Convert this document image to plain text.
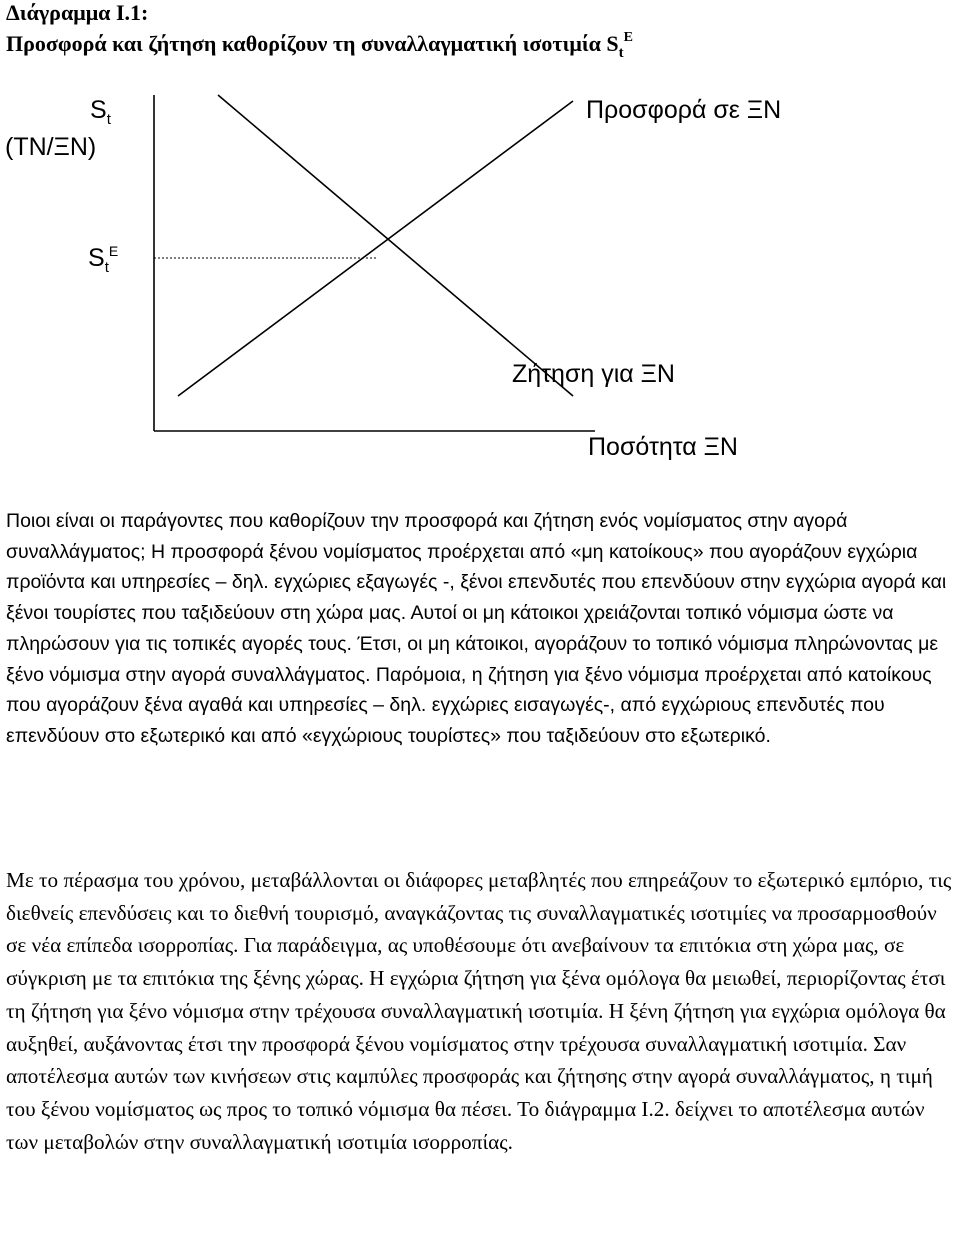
Διάγραμμα Ι.1:
Προσφορά και ζήτηση καθορίζουν τη συναλλαγματική ισοτιμία $S_t^E$
$S_t$
(ΤΝ/ΞΝ)
$S_t^E$
Προσφορά σε ΞΝ
Ζήτηση για ΞΝ
Ποσότητα ΞΝ

Ποιοι είναι οι παράγοντες που καθορίζουν την προσφορά και ζήτηση ενός νομίσματος στην αγορά συναλλάγματος; Η προσφορά ξένου νομίσματος προέρχεται από «μη κατοίκους» που αγοράζουν εγχώρια προϊόντα και υπηρεσίες – δηλ. εγχώριες εξαγωγές -, ξένοι επενδυτές που επενδύουν στην εγχώρια αγορά και ξένοι τουρίστες που ταξιδεύουν στη χώρα μας. Αυτοί οι μη κάτοικοι χρειάζονται τοπικό νόμισμα ώστε να πληρώσουν για τις τοπικές αγορές τους. Έτσι, οι μη κάτοικοι, αγοράζουν το τοπικό νόμισμα πληρώνοντας με ξένο νόμισμα στην αγορά συναλλάγματος. Παρόμοια, η ζήτηση για ξένο νόμισμα προέρχεται από κατοίκους που αγοράζουν ξένα αγαθά και υπηρεσίες – δηλ. εγχώριες εισαγωγές-, από εγχώριους επενδυτές που επενδύουν στο εξωτερικό και από «εγχώριους τουρίστες» που ταξιδεύουν στο εξωτερικό.

Με το πέρασμα του χρόνου, μεταβάλλονται οι διάφορες μεταβλητές που επηρεάζουν το εξωτερικό εμπόριο, τις διεθνείς επενδύσεις και το διεθνή τουρισμό, αναγκάζοντας τις συναλλαγματικές ισοτιμίες να προσαρμοσθούν σε νέα επίπεδα ισορροπίας. Για παράδειγμα, ας υποθέσουμε ότι ανεβαίνουν τα επιτόκια στη χώρα μας, σε σύγκριση με τα επιτόκια της ξένης χώρας. Η εγχώρια ζήτηση για ξένα ομόλογα θα μειωθεί, περιορίζοντας έτσι τη ζήτηση για ξένο νόμισμα στην τρέχουσα συναλλαγματική ισοτιμία. Η ξένη ζήτηση για εγχώρια ομόλογα θα αυξηθεί, αυξάνοντας έτσι την προσφορά ξένου νομίσματος στην τρέχουσα συναλλαγματική ισοτιμία. Σαν αποτέλεσμα αυτών των κινήσεων στις καμπύλες προσφοράς και ζήτησης στην αγορά συναλλάγματος, η τιμή του ξένου νομίσματος ως προς το τοπικό νόμισμα θα πέσει. Το διάγραμμα Ι.2. δείχνει το αποτέλεσμα αυτών των μεταβολών στην συναλλαγματική ισοτιμία ισορροπίας.
